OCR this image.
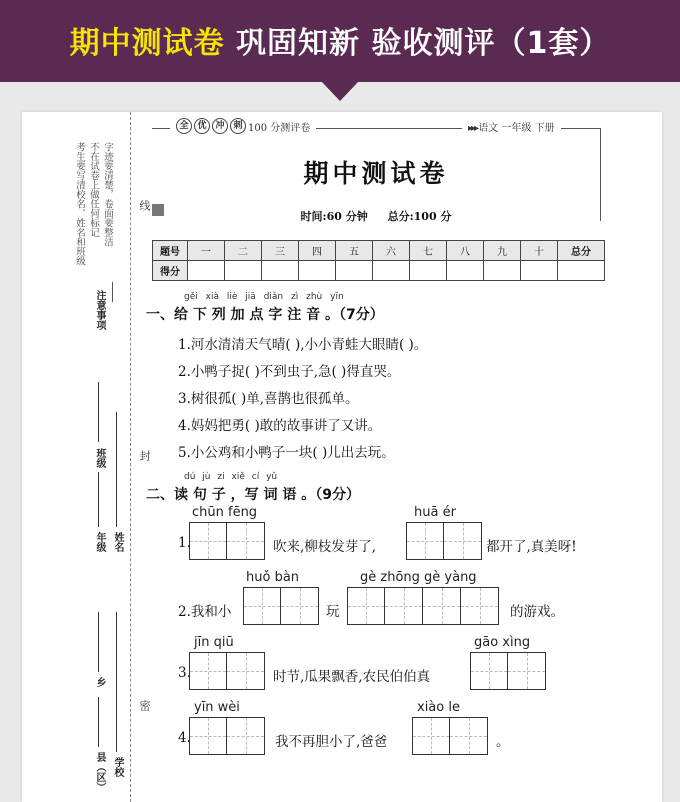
期中测试卷 巩固知新 验收测评（1套）
考生要写清校名、姓名和班级 不在试卷上做任何标记 字迹要清楚，卷面要整洁
注意事项
班级
年级 姓名
乡
县（区） 学校
线
封
密
全 优 冲 刺 100 分测评卷	▸▸▸ 语文 一年级 下册
期中测试卷
时间:60 分钟 总分:100 分
题号	一	二	三	四	五	六	七	八	九	十	总分
得分											
gěi xià liè jiā diǎn zì zhù yīn
一、给 下 列 加 点 字 注 音 。（7分）
1.河水清清天气晴( ),小小青蛙大眼睛( )。
2.小鸭子捉( )不到虫子,急( )得直哭。
3.树很孤( )单,喜鹊也很孤单。
4.妈妈把勇( )敢的故事讲了又讲。
5.小公鸡和小鸭子一块( )儿出去玩。
dú jù zi xiě cí yǔ
二、读 句 子 ，写 词 语 。（9分）
chūn fēng
1.	吹来,柳枝发芽了,
huā ér
都开了,真美呀!
huǒ bàn
2.我和小	玩
gè zhōng gè yàng
的游戏。
jīn qiū
3.	时节,瓜果飘香,农民伯伯真
gāo xìng
yīn wèi
4.	我不再胆小了,爸爸
xiào le
。
